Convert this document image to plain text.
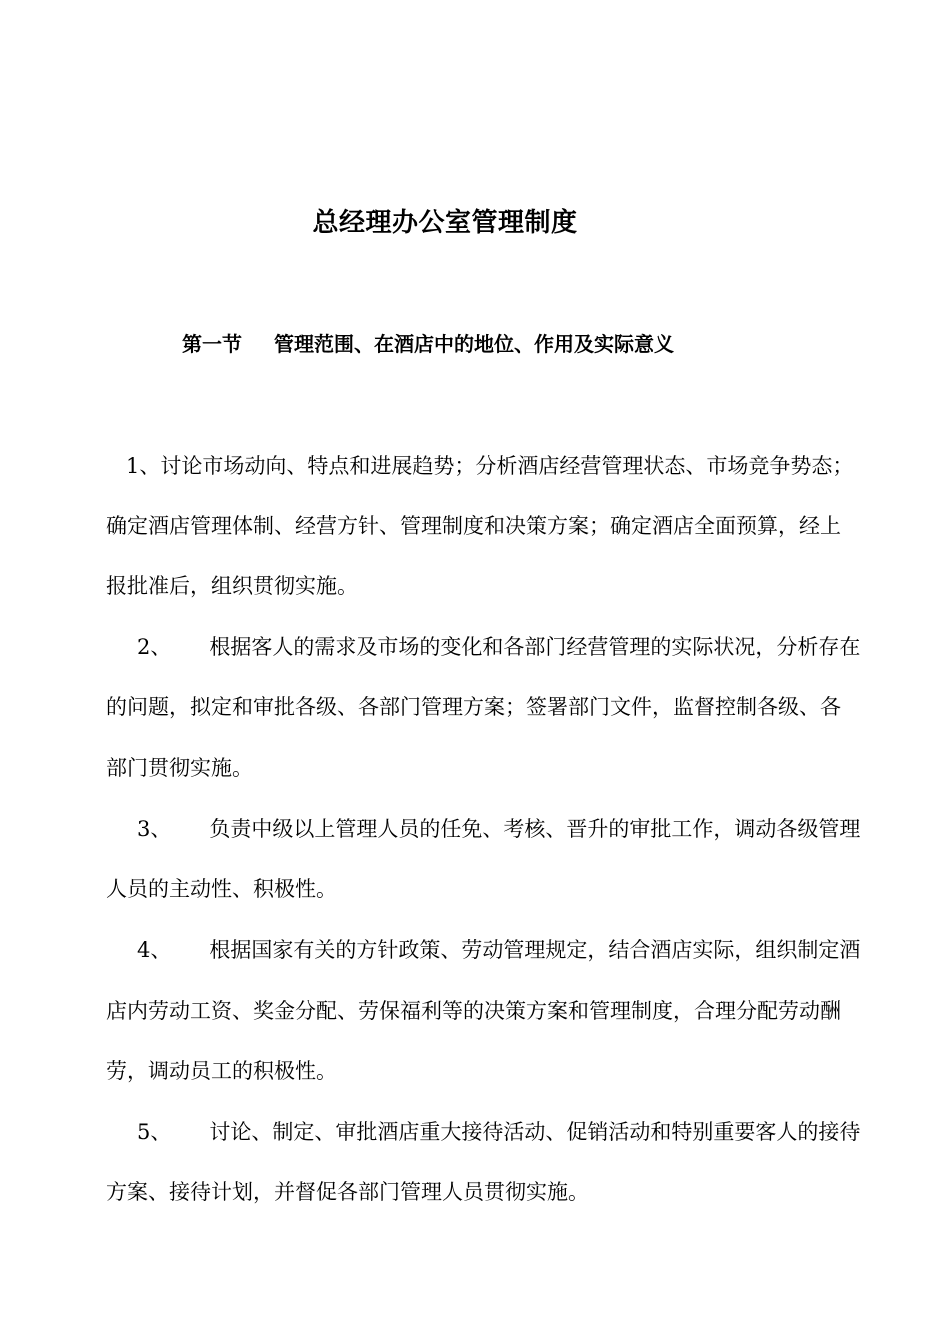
总经理办公室管理制度
第一节 管理范围、在酒店中的地位、作用及实际意义
1、讨论市场动向、特点和进展趋势；分析酒店经营管理状态、市场竞争势态；
确定酒店管理体制、经营方针、管理制度和决策方案；确定酒店全面预算，经上
报批准后，组织贯彻实施。
2、 根据客人的需求及市场的变化和各部门经营管理的实际状况，分析存在
的问题，拟定和审批各级、各部门管理方案；签署部门文件，监督控制各级、各
部门贯彻实施。
3、 负责中级以上管理人员的任免、考核、晋升的审批工作，调动各级管理
人员的主动性、积极性。
4、 根据国家有关的方针政策、劳动管理规定，结合酒店实际，组织制定酒
店内劳动工资、奖金分配、劳保福利等的决策方案和管理制度，合理分配劳动酬
劳，调动员工的积极性。
5、 讨论、制定、审批酒店重大接待活动、促销活动和特别重要客人的接待
方案、接待计划，并督促各部门管理人员贯彻实施。
